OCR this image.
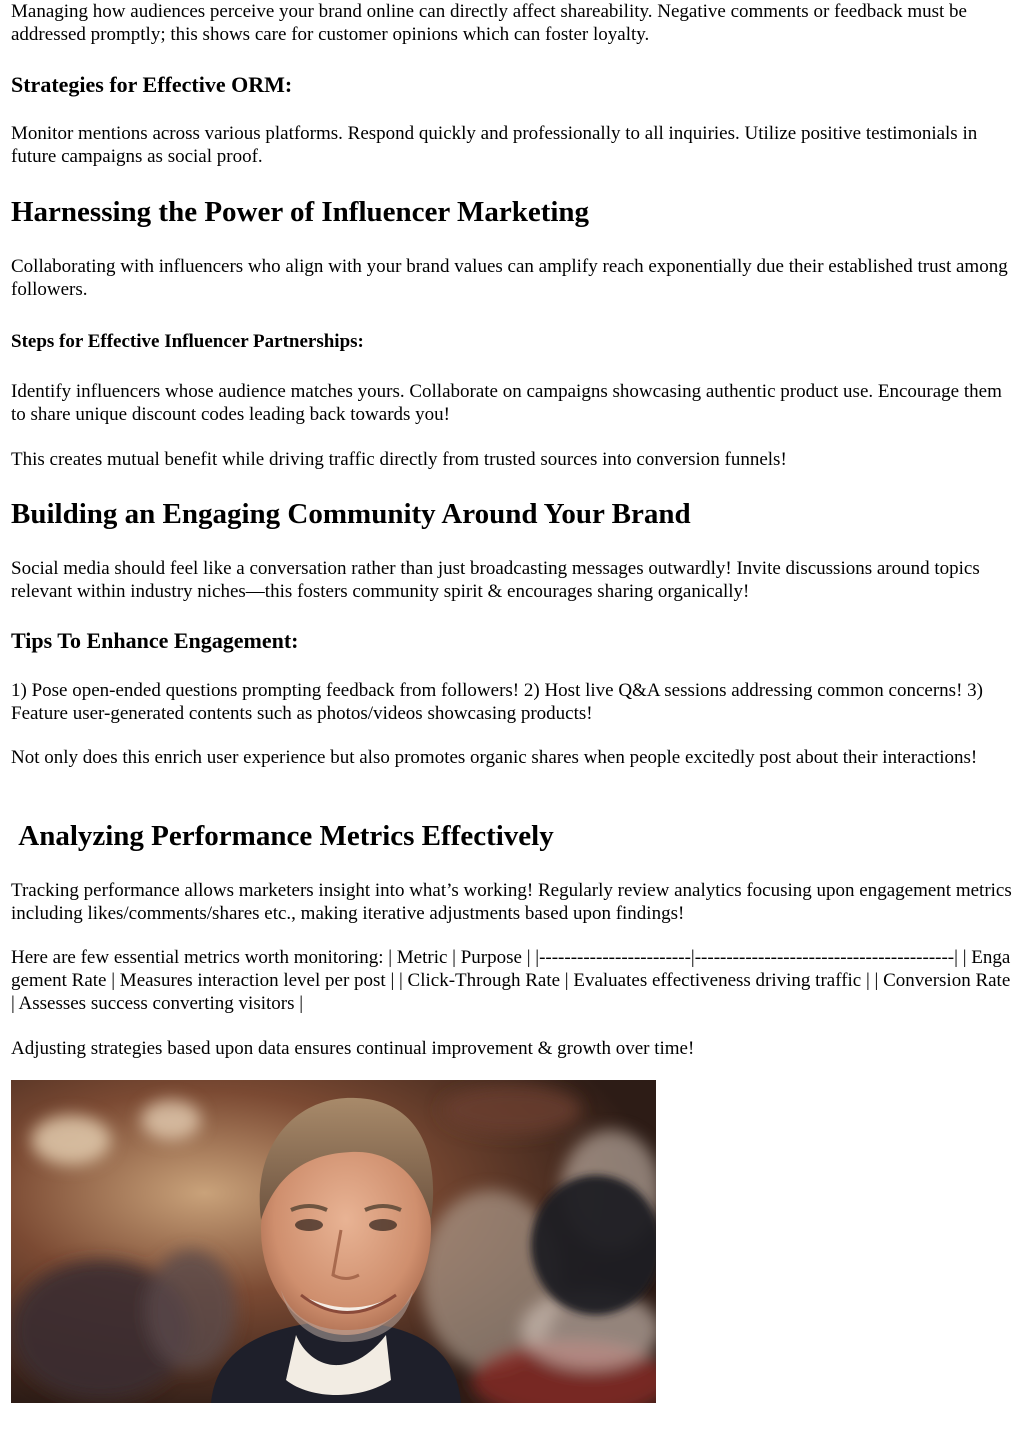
Managing how audiences perceive your brand online can directly affect shareability. Negative comments or feedback must be addressed promptly; this shows care for customer opinions which can foster loyalty.

Strategies for Effective ORM:

Monitor mentions across various platforms. Respond quickly and professionally to all inquiries. Utilize positive testimonials in future campaigns as social proof.

Harnessing the Power of Influencer Marketing

Collaborating with influencers who align with your brand values can amplify reach exponentially due their established trust among followers.

Steps for Effective Influencer Partnerships:

Identify influencers whose audience matches yours. Collaborate on campaigns showcasing authentic product use. Encourage them to share unique discount codes leading back towards you!

This creates mutual benefit while driving traffic directly from trusted sources into conversion funnels!

Building an Engaging Community Around Your Brand

Social media should feel like a conversation rather than just broadcasting messages outwardly! Invite discussions around topics relevant within industry niches—this fosters community spirit & encourages sharing organically!

Tips To Enhance Engagement:

1) Pose open-ended questions prompting feedback from followers! 2) Host live Q&A sessions addressing common concerns! 3) Feature user-generated contents such as photos/videos showcasing products!

Not only does this enrich user experience but also promotes organic shares when people excitedly post about their interactions!

Analyzing Performance Metrics Effectively

Tracking performance allows marketers insight into what’s working! Regularly review analytics focusing upon engagement metrics including likes/comments/shares etc., making iterative adjustments based upon findings!

Here are few essential metrics worth monitoring: | Metric | Purpose | |------------------------|-----------------------------------------| | Engagement Rate | Measures interaction level per post | | Click-Through Rate | Evaluates effectiveness driving traffic | | Conversion Rate | Assesses success converting visitors |

Adjusting strategies based upon data ensures continual improvement & growth over time!
